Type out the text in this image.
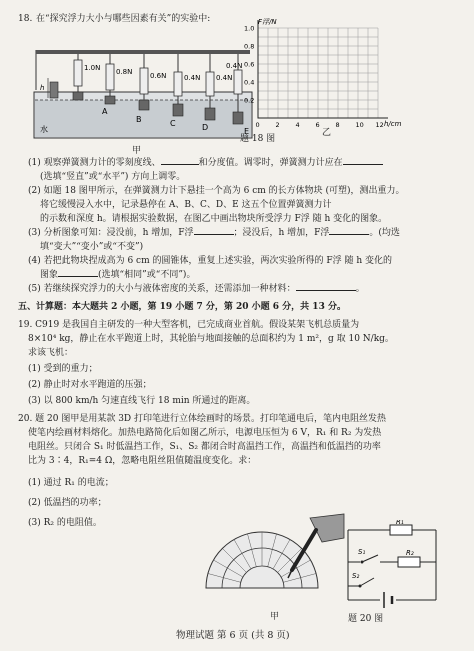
18. 在“探究浮力大小与哪些因素有关”的实验中:
水
h
1.0N 0.8N
A
0.6N
B
0.4N
C
0.4N
D
0.4N
E
甲
F浮/N
h/cm
0.2
0.4
0.6
0.8
1.0
0 2 4 6 8 10 12
乙
题 18 图
(1) 观察弹簧测力计的零刻度线、	和分度值。调零时，弹簧测力计应在
(选填“竖直”或“水平”) 方向上调零。
(2) 如题 18 图甲所示，在弹簧测力计下悬挂一个高为 6 cm 的长方体物块 (可塑)，测出重力。
将它缓慢浸入水中，记录悬停在 A、B、C、D、E 这五个位置弹簧测力计
的示数和深度 h。请根据实验数据，在图乙中画出物块所受浮力 F浮 随 h 变化的图象。
(3) 分析图象可知：浸没前，h 增加，F浮	；浸没后，h 增加，F浮	。(均选
填“变大”“变小”或“不变”)
(4) 若把此物块捏成高为 6 cm 的圆锥体，重复上述实验，两次实验所得的 F浮 随 h 变化的
图象	(选填“相同”或“不同”)。
(5) 若继续探究浮力的大小与液体密度的关系，还需添加一种材料：	。
五、计算题：本大题共 2 小题，第 19 小题 7 分，第 20 小题 6 分，共 13 分。
19. C919 是我国自主研发的一种大型客机，已完成商业首航。假设某架飞机总质量为
8×10⁴ kg，静止在水平跑道上时，其轮胎与地面接触的总面积约为 1 m²，g 取 10 N/kg。
求该飞机：
(1) 受到的重力；
(2) 静止时对水平跑道的压强；
(3) 以 800 km/h 匀速直线飞行 18 min 所通过的距离。
20. 题 20 图甲是用某款 3D 打印笔进行立体绘画时的场景。打印笔通电后，笔内电阻丝发热
使笔内绘画材料熔化。加热电路简化后如图乙所示，电源电压恒为 6 V，R₁ 和 R₂ 为发热
电阻丝。只闭合 S₁ 时低温挡工作，S₁、S₂ 都闭合时高温挡工作，高温挡和低温挡的功率
比为 3∶4，R₁=4 Ω，忽略电阻丝阻值随温度变化。求：
(1) 通过 R₁ 的电流；
(2) 低温挡的功率；
(3) R₂ 的电阻值。
甲
R₁
R₂
S₁
S₂
题 20 图
物理试题 第 6 页 (共 8 页)
